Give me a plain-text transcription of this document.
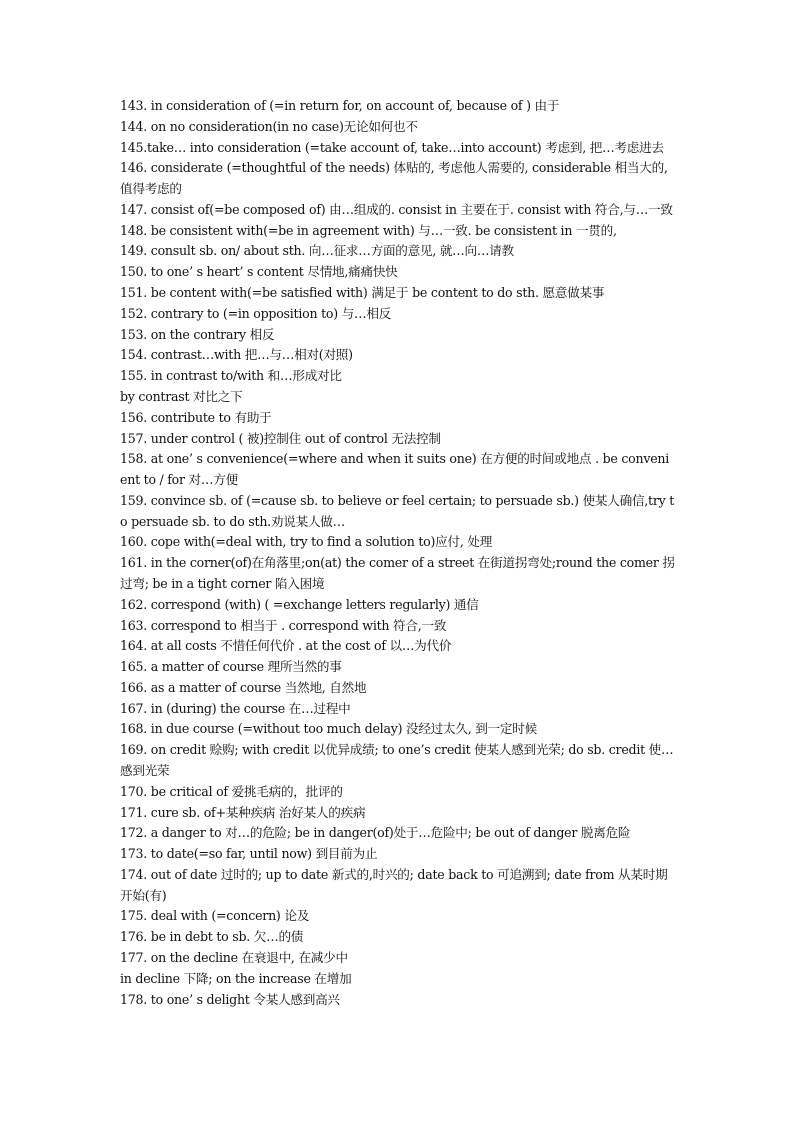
143. in consideration of (=in return for, on account of, because of ) 由于
144. on no consideration(in no case)无论如何也不
145.take… into consideration (=take account of, take…into account) 考虑到, 把…考虑进去
146. considerate (=thoughtful of the needs) 体贴的, 考虑他人需要的, considerable 相当大的,值得考虑的
147. consist of(=be composed of) 由…组成的. consist in 主要在于. consist with 符合,与…一致
148. be consistent with(=be in agreement with) 与…一致. be consistent in 一贯的,
149. consult sb. on/ about sth. 向…征求…方面的意见, 就…向…请教
150. to one’ s heart’ s content 尽情地,痛痛快快
151. be content with(=be satisfied with) 满足于 be content to do sth. 愿意做某事
152. contrary to (=in opposition to) 与…相反
153. on the contrary 相反
154. contrast…with 把…与…相对(对照)
155. in contrast to/with 和…形成对比
by contrast 对比之下
156. contribute to 有助于
157. under control ( 被)控制住 out of control 无法控制
158. at one’ s convenience(=where and when it suits one) 在方便的时间或地点 . be convenient to / for 对…方便
159. convince sb. of (=cause sb. to believe or feel certain; to persuade sb.) 使某人确信,try to persuade sb. to do sth.劝说某人做…
160. cope with(=deal with, try to find a solution to)应付, 处理
161. in the corner(of)在角落里;on(at) the comer of a street 在街道拐弯处;round the comer 拐过弯; be in a tight corner 陷入困境
162. correspond (with) ( =exchange letters regularly) 通信
163. correspond to 相当于 . correspond with 符合,一致
164. at all costs 不惜任何代价 . at the cost of 以…为代价
165. a matter of course 理所当然的事
166. as a matter of course 当然地, 自然地
167. in (during) the course 在…过程中
168. in due course (=without too much delay) 没经过太久, 到一定时候
169. on credit 赊购; with credit 以优异成绩; to one’s credit 使某人感到光荣; do sb. credit 使…感到光荣
170. be critical of 爱挑毛病的，批评的
171. cure sb. of+某种疾病 治好某人的疾病
172. a danger to 对…的危险; be in danger(of)处于…危险中; be out of danger 脱离危险
173. to date(=so far, until now) 到目前为止
174. out of date 过时的; up to date 新式的,时兴的; date back to 可追溯到; date from 从某时期开始(有)
175. deal with (=concern) 论及
176. be in debt to sb. 欠…的债
177. on the decline 在衰退中, 在减少中
in decline 下降; on the increase 在增加
178. to one’ s delight 令某人感到高兴
